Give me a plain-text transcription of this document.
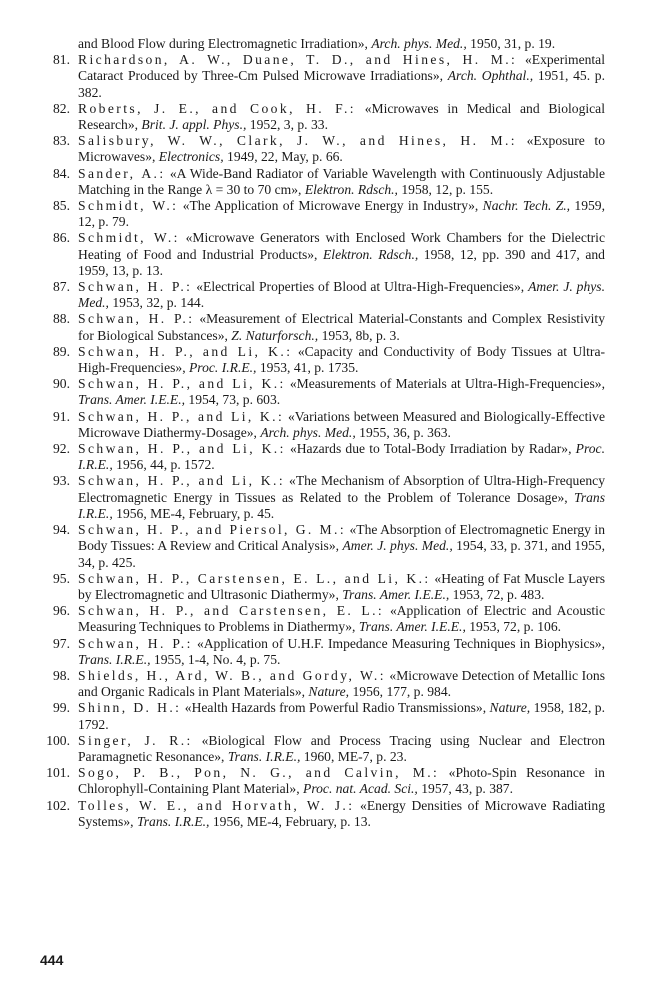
and Blood Flow during Electromagnetic Irradiation», Arch. phys. Med., 1950, 31, p. 19.

81. Richardson, A. W., Duane, T. D., and Hines, H. M.: «Experimental Cataract Produced by Three-Cm Pulsed Microwave Irradiations», Arch. Ophthal., 1951, 45. p. 382.

82. Roberts, J. E., and Cook, H. F.: «Microwaves in Medical and Biological Research», Brit. J. appl. Phys., 1952, 3, p. 33.

83. Salisbury, W. W., Clark, J. W., and Hines, H. M.: «Exposure to Microwaves», Electronics, 1949, 22, May, p. 66.

84. Sander, A.: «A Wide-Band Radiator of Variable Wavelength with Continuously Adjustable Matching in the Range λ = 30 to 70 cm», Elektron. Rdsch., 1958, 12, p. 155.

85. Schmidt, W.: «The Application of Microwave Energy in Industry», Nachr. Tech. Z., 1959, 12, p. 79.

86. Schmidt, W.: «Microwave Generators with Enclosed Work Chambers for the Dielectric Heating of Food and Industrial Products», Elektron. Rdsch., 1958, 12, pp. 390 and 417, and 1959, 13, p. 13.

87. Schwan, H. P.: «Electrical Properties of Blood at Ultra-High-Frequencies», Amer. J. phys. Med., 1953, 32, p. 144.

88. Schwan, H. P.: «Measurement of Electrical Material-Constants and Complex Resistivity for Biological Substances», Z. Naturforsch., 1953, 8b, p. 3.

89. Schwan, H. P., and Li, K.: «Capacity and Conductivity of Body Tissues at Ultra-High-Frequencies», Proc. I.R.E., 1953, 41, p. 1735.

90. Schwan, H. P., and Li, K.: «Measurements of Materials at Ultra-High-Frequencies», Trans. Amer. I.E.E., 1954, 73, p. 603.

91. Schwan, H. P., and Li, K.: «Variations between Measured and Biologically-Effective Microwave Diathermy-Dosage», Arch. phys. Med., 1955, 36, p. 363.

92. Schwan, H. P., and Li, K.: «Hazards due to Total-Body Irradiation by Radar», Proc. I.R.E., 1956, 44, p. 1572.

93. Schwan, H. P., and Li, K.: «The Mechanism of Absorption of Ultra-High-Frequency Electromagnetic Energy in Tissues as Related to the Problem of Tolerance Dosage», Trans I.R.E., 1956, ME-4, February, p. 45.

94. Schwan, H. P., and Piersol, G. M.: «The Absorption of Electromagnetic Energy in Body Tissues: A Review and Critical Analysis», Amer. J. phys. Med., 1954, 33, p. 371, and 1955, 34, p. 425.

95. Schwan, H. P., Carstensen, E. L., and Li, K.: «Heating of Fat Muscle Layers by Electromagnetic and Ultrasonic Diathermy», Trans. Amer. I.E.E., 1953, 72, p. 483.

96. Schwan, H. P., and Carstensen, E. L.: «Application of Electric and Acoustic Measuring Techniques to Problems in Diathermy», Trans. Amer. I.E.E., 1953, 72, p. 106.

97. Schwan, H. P.: «Application of U.H.F. Impedance Measuring Techniques in Biophysics», Trans. I.R.E., 1955, 1-4, No. 4, p. 75.

98. Shields, H., Ard, W. B., and Gordy, W.: «Microwave Detection of Metallic Ions and Organic Radicals in Plant Materials», Nature, 1956, 177, p. 984.

99. Shinn, D. H.: «Health Hazards from Powerful Radio Transmissions», Nature, 1958, 182, p. 1792.

100. Singer, J. R.: «Biological Flow and Process Tracing using Nuclear and Electron Paramagnetic Resonance», Trans. I.R.E., 1960, ME-7, p. 23.

101. Sogo, P. B., Pon, N. G., and Calvin, M.: «Photo-Spin Resonance in Chlorophyll-Containing Plant Material», Proc. nat. Acad. Sci., 1957, 43, p. 387.

102. Tolles, W. E., and Horvath, W. J.: «Energy Densities of Microwave Radiating Systems», Trans. I.R.E., 1956, ME-4, February, p. 13.

444
